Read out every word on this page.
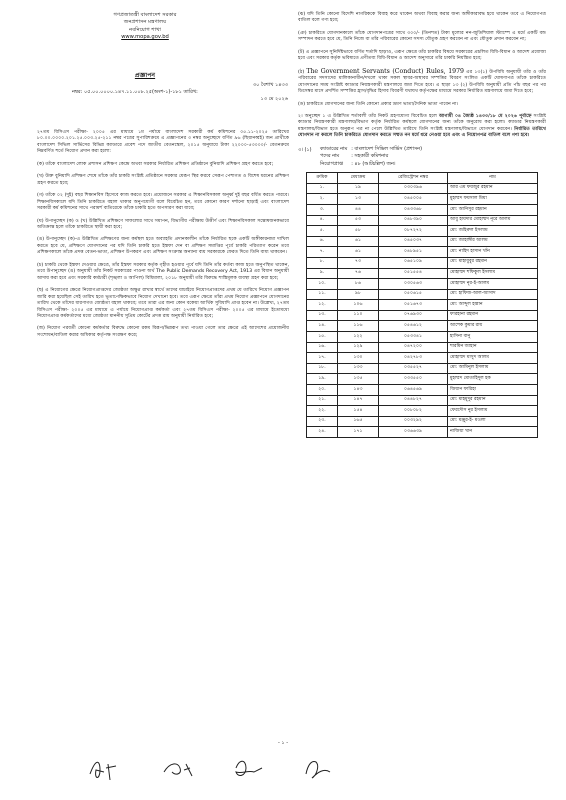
গণপ্রজাতন্ত্রী বাংলাদেশ সরকার
জনপ্রশাসন মন্ত্রণালয়
নবনিয়োগ শাখা
www.mopa.gov.bd
প্রজ্ঞাপন
৩০ বৈশাখ ১৪৩৩
নম্বর: ০৫.০০.০০০০.১৪৭.১১.০০৮.২৫(অংশ-১)-১৮১ তারিখ:
১৩ মে ২০২৬

২৭তম বিসিএস পরীক্ষা- ২০০৫ এর মাধ্যমে ১ম পর্যায়ে বাংলাদেশ সরকারী কর্ম কমিশনের ০৫.১১-২০২৫ তারিখের ৮০.০০.০০০০.২০১.২৫.০০৩.২৫-২১১ নম্বর পত্রের সুপারিশক্রমে এ প্রজ্ঞাপনের ৩ নম্বর অনুচ্ছেদে বর্ণিত ৯৬ (ছিয়ানব্বই) জন প্রার্থীকে বাংলাদেশ সিভিল সার্ভিসের বিভিন্ন ক্যাডারে প্রবেশ পদে জাতীয় বেতনস্কেল, ২০১৫ অনুযায়ে টাকা ২২০০০-৫৩০০০/- বেতনক্রমে নিম্নবর্ণিত শর্তে নিয়োগ প্রদান করা হলো:

(ক) তাঁকে বাংলাদেশ লোক প্রশাসন প্রশিক্ষণ কেন্দ্রে অথবা সরকার নির্ধারিত প্রশিক্ষণ প্রতিষ্ঠানে বুনিয়াদি প্রশিক্ষণ গ্রহণ করতে হবে;

(খ) উক্ত বুনিয়াদি প্রশিক্ষণ শেষে তাঁকে তাঁর চাকরি সংশ্লিষ্ট প্রতিষ্ঠানে সরকার যেরূপ স্থির করবে সেরূপ পেশাগত ও বিশেষ ধরনের প্রশিক্ষণ গ্রহণ করতে হবে;

(গ) তাঁকে ০২ (দুই) বছর শিক্ষানবিস হিসেবে কাজ করতে হবে। প্রয়োজনে সরকার এ শিক্ষানবিসকাল অনূর্ধ্ব দুই বছর বর্ধিত করতে পারবে। শিক্ষানবিসকালে যদি তিনি চাকরিতে বহাল থাকার অনুপযোগী বলে বিবেচিত হন, তবে কোনো কারণ দর্শানো ছাড়াই এবং বাংলাদেশ সরকারী কর্ম কমিশনের সাথে পরামর্শ ব্যতিরেকে তাঁকে চাকরি হতে অপসারণ করা যাবে;

(ঘ) উপানুচ্ছেদ (ক) ও (খ) উল্লিখিত প্রশিক্ষণে সাফল্যের সাথে সমাপন, বিভাগীয় পরীক্ষায় উত্তীর্ণ এবং শিক্ষানবিসকাল সন্তোষজনকভাবে অতিক্রান্ত হলে তাঁকে চাকরিতে স্থায়ী করা হবে;

(ঙ) উপানুচ্ছেদ (ক)-এ উল্লিখিত প্রশিক্ষণের জন্য কর্মস্থল হতে অব্যাহতি প্রদানকালীন তাঁকে নির্ধারিত ছকে একটি অঙ্গীকারনামা দাখিল করতে হবে যে, প্রশিক্ষণে যোগদানের পর যদি তিনি চাকরি হতে ইস্তফা দেন বা প্রশিক্ষণ সমাপ্তির পূর্বে চাকরি পরিত্যাগ করেন তবে প্রশিক্ষণকালে তাঁকে প্রদত্ত বেতন-ভাতা, প্রশিক্ষণ উপকরণ এবং প্রশিক্ষণ সংক্রান্ত অন্যান্য ব্যয় সরকারকে ফেরত দিতে তিনি বাধ্য থাকবেন।

(চ) চাকরি থেকে ইস্তফা দেওয়ার ক্ষেত্রে, তাঁর ইস্তফা সরকার কর্তৃক গৃহীত হওয়ার পূর্বে যদি তিনি তাঁর কর্তব্য কাজ হতে অনুপস্থিত থাকেন, তবে উপানুচ্ছেদ (ঙ) অনুযায়ী তাঁর নিকট সরকারের পাওনা অর্থ The Public Demands Recovery Act, 1913 এর বিধান অনুযায়ী আদায় করা হবে এবং সরকারি কর্মচারী (শৃঙ্খলা ও আপিল) বিধিমালা, ২০১৮ অনুযায়ী তাঁর বিরুদ্ধে শাস্তিমূলক ব্যবস্থা গ্রহণ করা হবে;

(ছ) এ নিয়োগের ক্ষেত্রে নিয়োগপ্রাপ্তদের জ্যেষ্ঠতা অক্ষুণ্ণ রাখার স্বার্থে তাদের যাচাইয়ে নিয়োগপ্রাপ্তদের প্রথম যে তারিখে নিয়োগ প্রজ্ঞাপন জারি করা হয়েছিল সেই তারিখ হতে ভূতাপেক্ষিকভাবে নিয়োগ দেখানো হবে। তবে এরূপ ক্ষেত্রে তাঁরা প্রথম নিয়োগ প্রজ্ঞাপনে যোগদানের তারিখ থেকে তাঁদের ধারণাগত জ্যেষ্ঠতা বহাল থাকবে; তবে তারা এর জন্য কোন বকেয়া আর্থিক সুবিধাদি প্রাপ্ত হবেন না। উল্লেখ্য, ২৭তম বিসিএস পরীক্ষা- ২০০৫ এর মাধ্যমে এ পর্যায়ে নিয়োগপ্রাপ্ত কর্মকর্তা এবং ২৭তম বিসিএস পরীক্ষা- ২০০৫ এর মাধ্যমে ইতোমধ্যে নিয়োগপ্রাপ্ত কর্মকর্তাদের মধ্যে জ্যেষ্ঠতা মাননীয় সুপ্রিম কোর্টের প্রদত্ত রায় অনুযায়ী নির্ধারিত হবে;

(জ) নিয়োগ পরবর্তী কোনো কর্মকর্তার বিরুদ্ধে কোনো রকম বিরূপ/ভিন্নরূপ তথ্য পাওয়া গেলে তার ক্ষেত্রে এই আদেশের প্রয়োজনীয় সংশোধন/বাতিল করার অধিকার কর্তৃপক্ষ সংরক্ষণ করে;

(ঝ) যদি তিনি কোনো বিদেশি নাগরিককে বিবাহ করে থাকেন অথবা বিবাহ করার জন্য অঙ্গীকারাবদ্ধ হয়ে থাকেন তবে এ নিয়োগপত্র বাতিল বলে গণ্য হবে;

(ঞ) চাকরিতে যোগদানকালে তাঁকে যোগদানপত্রের সাথে ৩০০/- (তিনশত) টাকা মূল্যের নন-জুডিশিয়াল স্ট্যাম্পে এ মর্মে একটি বন্ড সম্পাদন করতে হবে যে, তিনি নিজে বা তাঁর পরিবারের কোনো সদস্য যৌতুক গ্রহণ করবেন না এবং যৌতুক প্রদান করবেন না;

(ট) এ প্রজ্ঞাপনে সুনির্দিষ্টভাবে বর্ণিত শর্তাদি ছাড়াও, এরূপ ক্ষেত্রে তাঁর চাকরির বিষয়ে সরকারের প্রচলিত বিধি-বিধান ও আদেশ প্রযোজ্য হবে এবং সরকার কর্তৃক ভবিষ্যতে প্রণীতব্য বিধি-বিধান ও আদেশ অনুসারে তাঁর চাকরি নিয়ন্ত্রিত হবে;

(ঠ) The Government Servants (Conduct) Rules, 1979 এর ১৩(১) উপবিধি অনুযায়ী তাঁর ও তাঁর পরিবারের সদস্যদের মালিকানাধীন/দখলে থাকা সকল স্থাবর-অস্থাবর সম্পত্তির বিবরণ সংলিত একটি ঘোষণাপত্র তাঁকে চাকরিতে যোগদানের সময় সংশ্লিষ্ট ক্যাডার নিয়ন্ত্রণকারী মন্ত্রণালয়ে জমা দিতে হবে। এ ছাড়া ১৩ (২) উপবিধি অনুযায়ী প্রতি পাঁচ বছর পর পর ডিসেম্বর মাসে প্রদর্শিত সম্পত্তির হ্রাস/বৃদ্ধির হিসাব বিবরণী যথাযথ কর্তৃপক্ষের মাধ্যমে সরকার নির্ধারিত মন্ত্রণালয়ে জমা দিতে হবে;

(ড) চাকরিতে যোগদানের জন্য তিনি কোনো প্রকার ভ্রমণ ভাতা/দৈনিক ভাতা পাবেন না।

২। অনুচ্ছেদ ১ এ উল্লিখিত শর্তাবলী তাঁর নিকট গ্রহণযোগ্য বিবেচিত হলে আগামী ০৪ জ্যৈষ্ঠ ১৪৩৩/১৮ মে ২০২৬ পূর্বাহ্নে সংশ্লিষ্ট ক্যাডার নিয়ন্ত্রণকারী মন্ত্রণালয়/বিভাগ কর্তৃক নির্ধারিত কর্মস্থলে যোগদানের জন্য তাঁকে অনুরোধ করা হলো। ক্যাডার নিয়ন্ত্রণকারী মন্ত্রণালয়/বিভাগ হতে অনুরূপ পত্র না পেলে উল্লিখিত তারিখে তিনি সংশ্লিষ্ট মন্ত্রণালয়/বিভাগে যোগদান করবেন। নির্ধারিত তারিখে যোগদান না করলে তিনি চাকরিতে যোগদান করতে সম্মত নন মর্মে ধরে নেওয়া হবে এবং এ নিয়োগপত্র বাতিল বলে গণ্য হবে।

৩। (১) ক্যাডারের নাম	: বাংলাদেশ সিভিল সার্ভিস (প্রশাসন)
পদের নাম	: সহকারী কমিশনার
নিয়োগপ্রাপ্ত	: ৪৮ (আটচল্লিশ) জন।
ক্রমিক	মেধাক্রম	রেজিস্ট্রেশন নম্বর	নাম
১.	১৯	০৩০৩৯৬	আর এম ফয়জুর রহমান
২.	১৩	০৪৫০০৫	মুহাম্মদ ফয়সাল মিয়া
৩.	৪৪	০৪৩৩৬৮	মো: আনিসুর রহমান
৪.	৫৩	০৪৮৩৯০	আবু হায়দার মোহাম্মদ নূরে আলম
৫.	৫৮	০৮৭২৭২	মো: জহিরুল ইসলাম
৬.	৬১	০৪৫০৩৭	মো: জাহাঙ্গীর আলম
৭.	৬১	০৪৮৯৫১	মো: নাহিদ হাসান খাঁন
৮.	৭৩	০৬৫১০৯	মো: মাহাবুবুর রহমান
৯.	৭৬	০৫১৫৫৪	মোহাম্মদ শফিকুল ইসলাম
১০.	৮৬	০৩০৫৬৩	মোহাম্মদ নূর-ই-আলম
১১.	৯৮	০৫০৬১৫	মো: হাফিজ-আল-আসাদ
১২.	১০৬	০৫১৬৭৩	মো: আব্দুল হান্নান
১৩.	১১০	০৭৬৯৩০	ফারহানা রহমান
১৪.	১১৬	০৫৪৬১২	আশেক কুমার রায়
১৫.	১২২	০৫৩৩৪১	হাসিনা বানু
১৬.	১২৯	০৪৭২০০	শারমিন জাহান
১৭.	১৩০	০৪২৭৮৩	মোহাম্মদ মাসুদ আলম
১৮.	১৩৩	০৩৫৫২৭	মো: আমিনুল ইসলাম
১৯.	১৩৫	০৩৩৫৫০	মুহাম্মদ মোতাহিদুল হক
২০.	১৪৩	০৬৪৫৬৯	জিয়ান ফারিহা
২১.	১৪৭	০৪৪৮২৭	মো: মাহমুদুর রহমান
২২.	১৫৪	০০৮০৮২	ফেরদৌস নুর ইসলাম
২৩.	১৬৫	০০৩২৯২	মো: মঞ্জুর-ই- মওলা
২৪.	১৭১	০৩৬৬৩৯	নাজিয়া খান
- ১ -
